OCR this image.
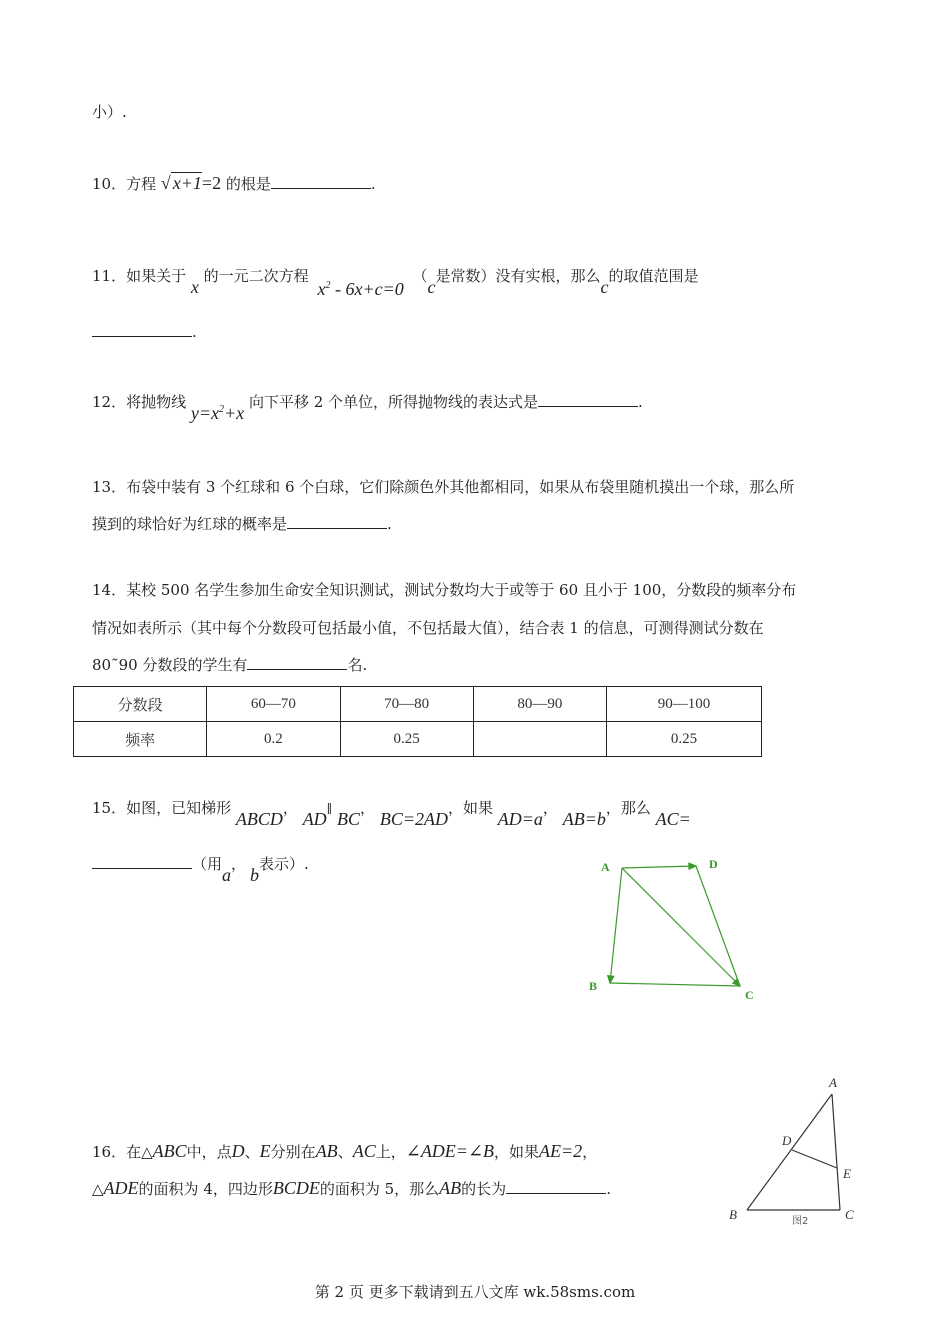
小）.
10．方程 √ x+1=2 的根是	.
11．如果关于 x 的一元二次方程 $x^2 - 6x+c=0$ （c是常数）没有实根，那么c的取值范围是
.
12．将抛物线 $y=x^2+x$ 向下平移 2 个单位，所得抛物线的表达式是	.
13．布袋中装有 3 个红球和 6 个白球，它们除颜色外其他都相同，如果从布袋里随机摸出一个球，那么所
摸到的球恰好为红球的概率是	.
14．某校 500 名学生参加生命安全知识测试，测试分数均大于或等于 60 且小于 100，分数段的频率分布
情况如表所示（其中每个分数段可包括最小值，不包括最大值），结合表 1 的信息，可测得测试分数在
80˜90 分数段的学生有	名.
分数段	60—70	70—80	80—90	90—100
频率	0.2	0.25		0.25
15．如图，已知梯形 ABCD， AD∥ BC， BC=2AD，如果 AD=a， AB=b，那么 AC=
（用a，b表示）.	A	D
B
C
16．在△ABC中，点D、E分别在AB、AC上，∠ADE=∠B，如果AE=2，
△ADE的面积为 4，四边形BCDE的面积为 5，那么AB的长为	.
A
D
E
B	C
图2
第 2 页 更多下载请到五八文库 wk.58sms.com
